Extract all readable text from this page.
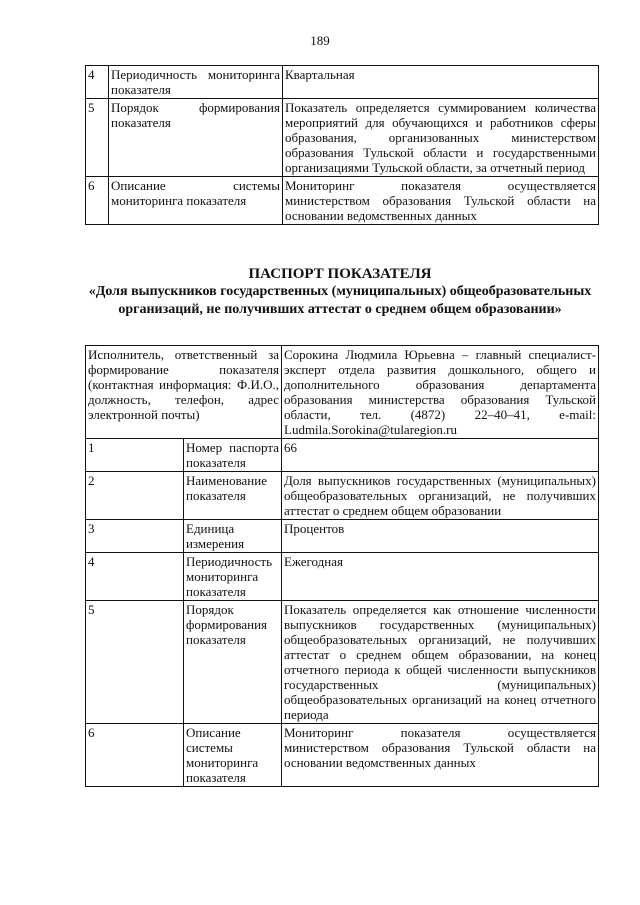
189
4	Периодичность мониторинга показателя	Квартальная
5	Порядок формирования показателя	Показатель определяется суммированием количества мероприятий для обучающихся и работников сферы образования, организованных министерством образования Тульской области и государственными организациями Тульской области, за отчетный период
6	Описание системы мониторинга показателя	Мониторинг показателя осуществляется министерством образования Тульской области на основании ведомственных данных
ПАСПОРТ ПОКАЗАТЕЛЯ
«Доля выпускников государственных (муниципальных) общеобразовательных организаций, не получивших аттестат о среднем общем образовании»
Исполнитель, ответственный за формирование показателя (контактная информация: Ф.И.О., должность, телефон, адрес электронной почты)		Сорокина Людмила Юрьевна – главный специалист-эксперт отдела развития дошкольного, общего и дополнительного образования департамента образования министерства образования Тульской области, тел. (4872) 22–40–41, e-mail: Ludmila.Sorokina@tularegion.ru
1	Номер паспорта показателя	66
2	Наименование показателя	Доля выпускников государственных (муниципальных) общеобразовательных организаций, не получивших аттестат о среднем общем образовании
3	Единица измерения	Процентов
4	Периодичность мониторинга показателя	Ежегодная
5	Порядок формирования показателя	Показатель определяется как отношение численности выпускников государственных (муниципальных) общеобразовательных организаций, не получивших аттестат о среднем общем образовании, на конец отчетного периода к общей численности выпускников государственных (муниципальных) общеобразовательных организаций на конец отчетного периода
6	Описание системы мониторинга показателя	Мониторинг показателя осуществляется министерством образования Тульской области на основании ведомственных данных
